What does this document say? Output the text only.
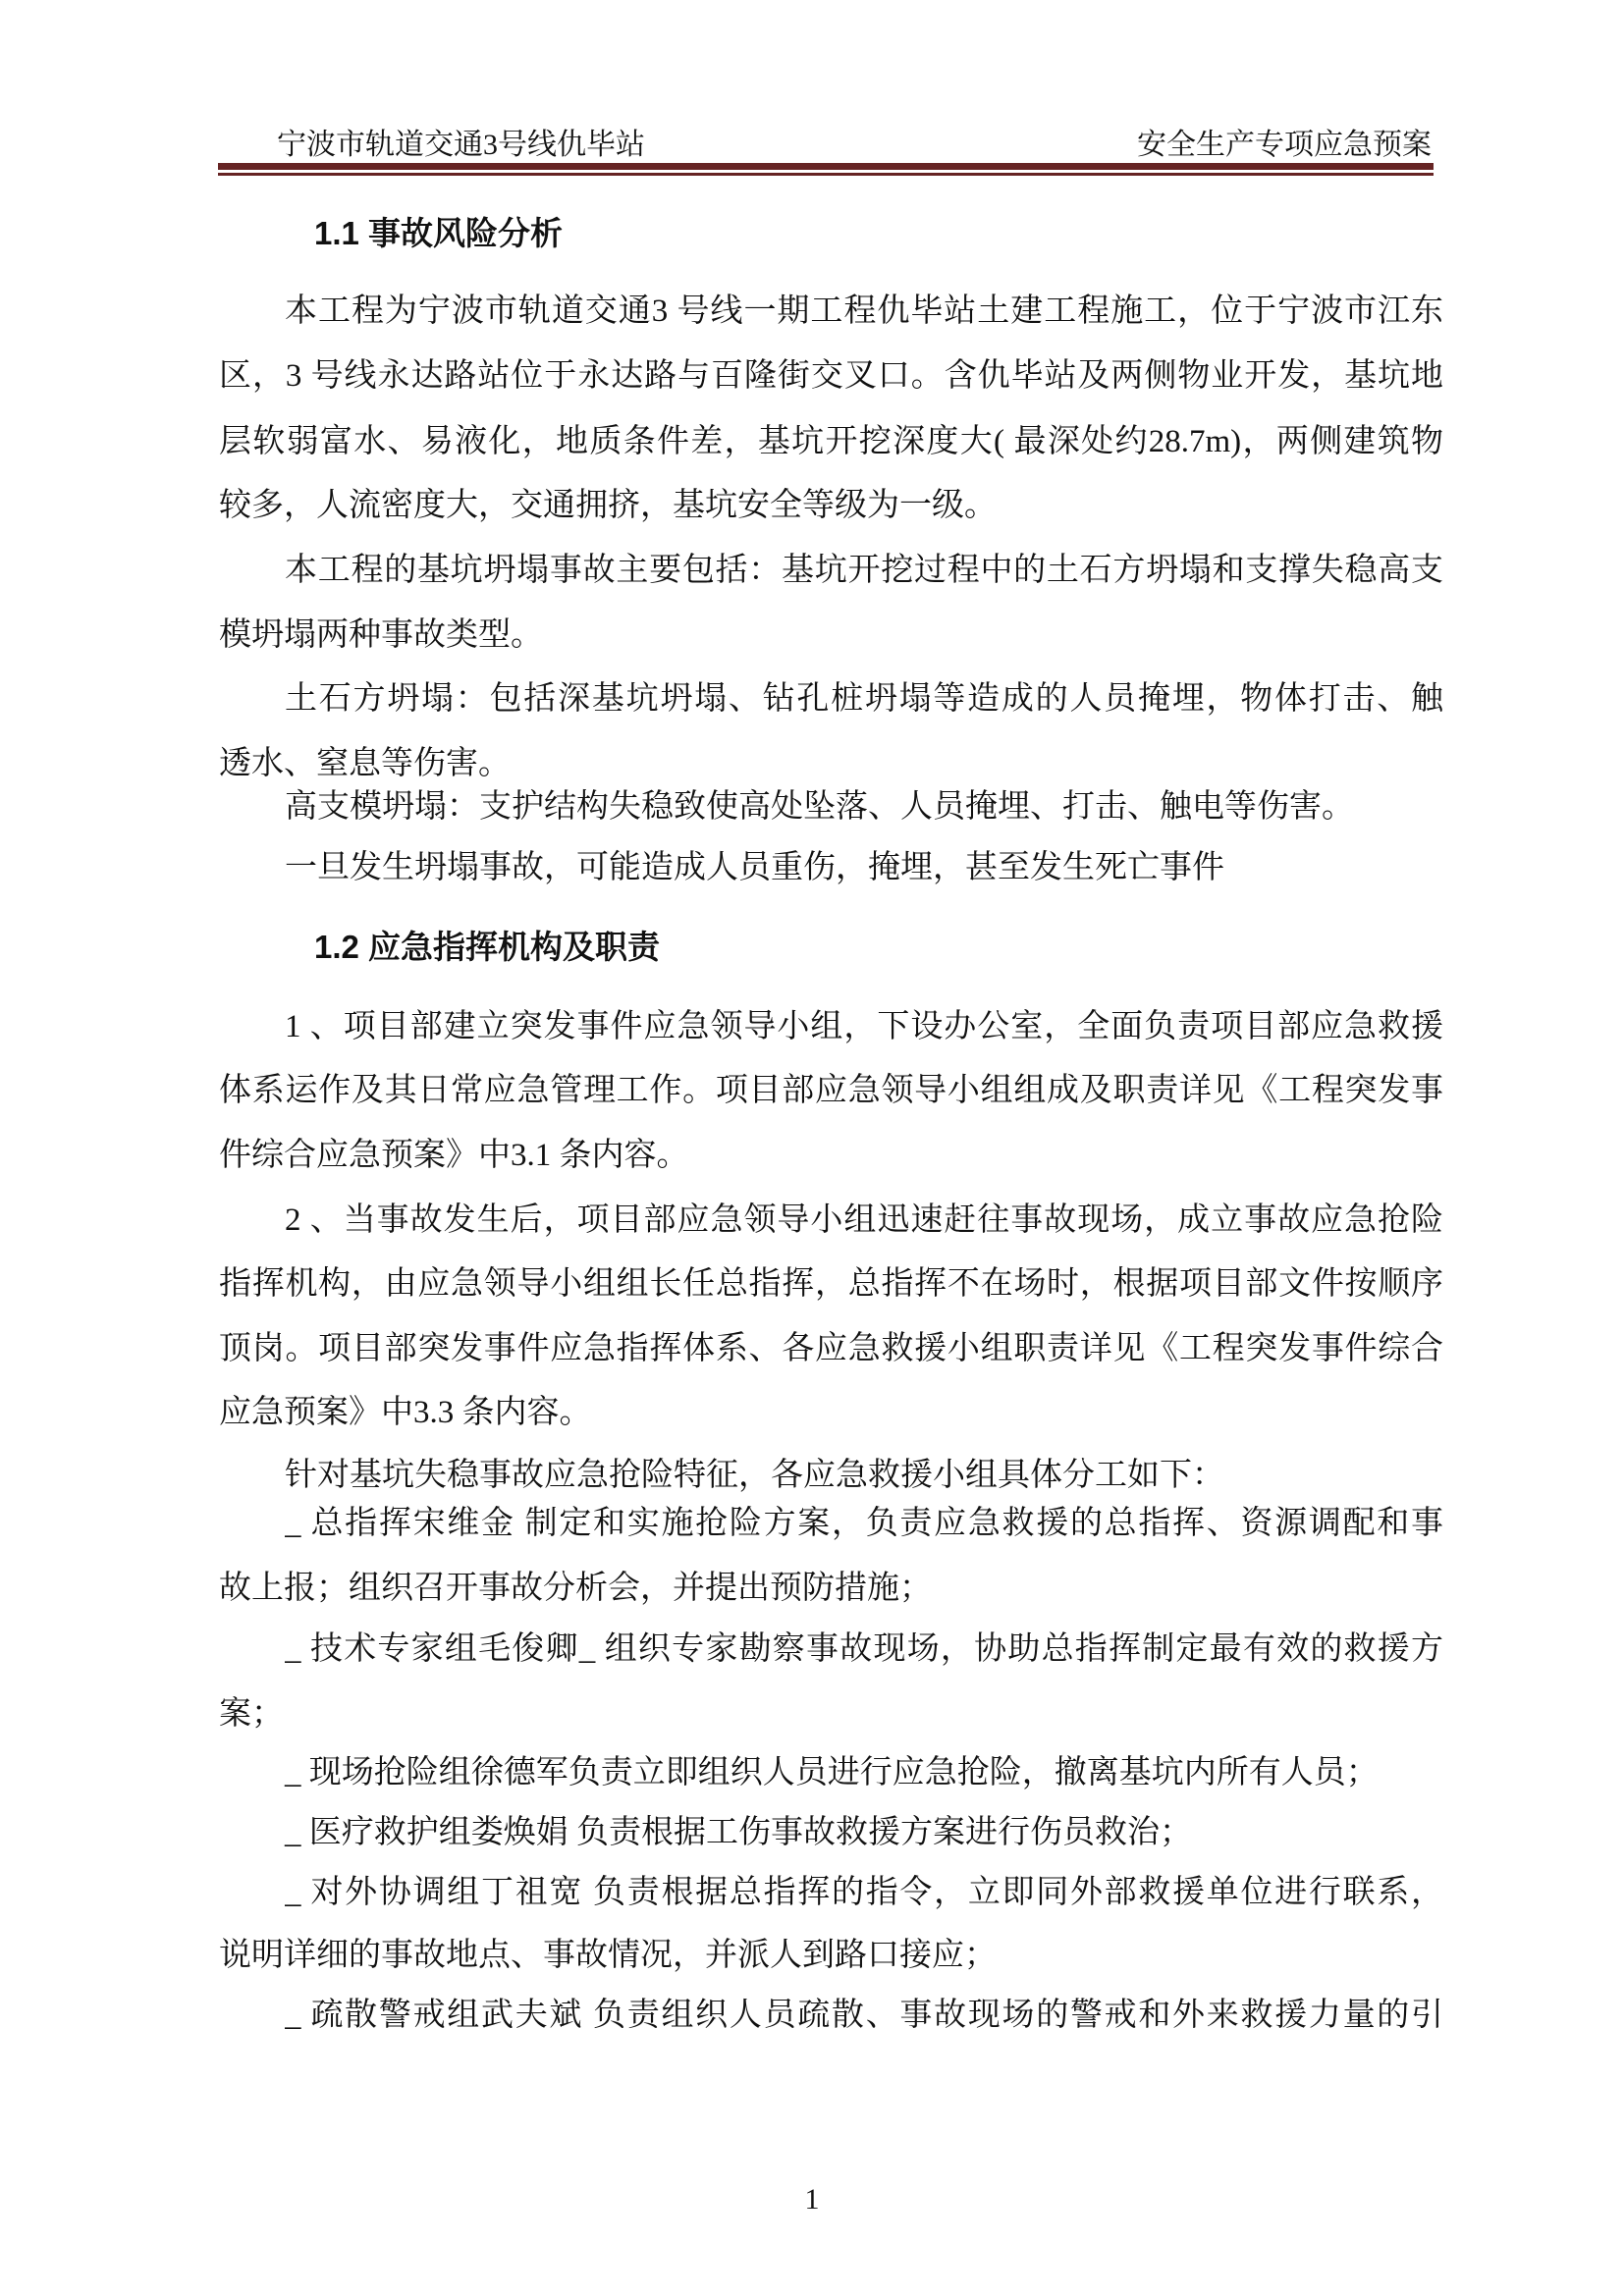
宁波市轨道交通3号线仇毕站	安全生产专项应急预案
1.1 事故风险分析
1.2 应急指挥机构及职责
本工程为宁波市轨道交通3 号线一期工程仇毕站土建工程施工，位于宁波市江东
区，3 号线永达路站位于永达路与百隆街交叉口。含仇毕站及两侧物业开发，基坑地
层软弱富水、易液化，地质条件差，基坑开挖深度大( 最深处约28.7m)，两侧建筑物
较多，人流密度大，交通拥挤，基坑安全等级为一级。
本工程的基坑坍塌事故主要包括：基坑开挖过程中的土石方坍塌和支撑失稳高支
模坍塌两种事故类型。
土石方坍塌：包括深基坑坍塌、钻孔桩坍塌等造成的人员掩埋，物体打击、触
透水、窒息等伤害。
高支模坍塌：支护结构失稳致使高处坠落、人员掩埋、打击、触电等伤害。
一旦发生坍塌事故，可能造成人员重伤，掩埋，甚至发生死亡事件
1 、项目部建立突发事件应急领导小组，下设办公室，全面负责项目部应急救援
体系运作及其日常应急管理工作。项目部应急领导小组组成及职责详见《工程突发事
件综合应急预案》中3.1 条内容。
2 、当事故发生后，项目部应急领导小组迅速赶往事故现场，成立事故应急抢险
指挥机构，由应急领导小组组长任总指挥，总指挥不在场时，根据项目部文件按顺序
顶岗。项目部突发事件应急指挥体系、各应急救援小组职责详见《工程突发事件综合
应急预案》中3.3 条内容。
针对基坑失稳事故应急抢险特征，各应急救援小组具体分工如下：
_ 总指挥宋维金 制定和实施抢险方案，负责应急救援的总指挥、资源调配和事
故上报；组织召开事故分析会，并提出预防措施；
_ 技术专家组毛俊卿_ 组织专家勘察事故现场，协助总指挥制定最有效的救援方
案；
_ 现场抢险组徐德军负责立即组织人员进行应急抢险，撤离基坑内所有人员；
_ 医疗救护组娄焕娟 负责根据工伤事故救援方案进行伤员救治；
_ 对外协调组丁祖宽 负责根据总指挥的指令，立即同外部救援单位进行联系，
说明详细的事故地点、事故情况，并派人到路口接应；
_ 疏散警戒组武夫斌 负责组织人员疏散、事故现场的警戒和外来救援力量的引
1
